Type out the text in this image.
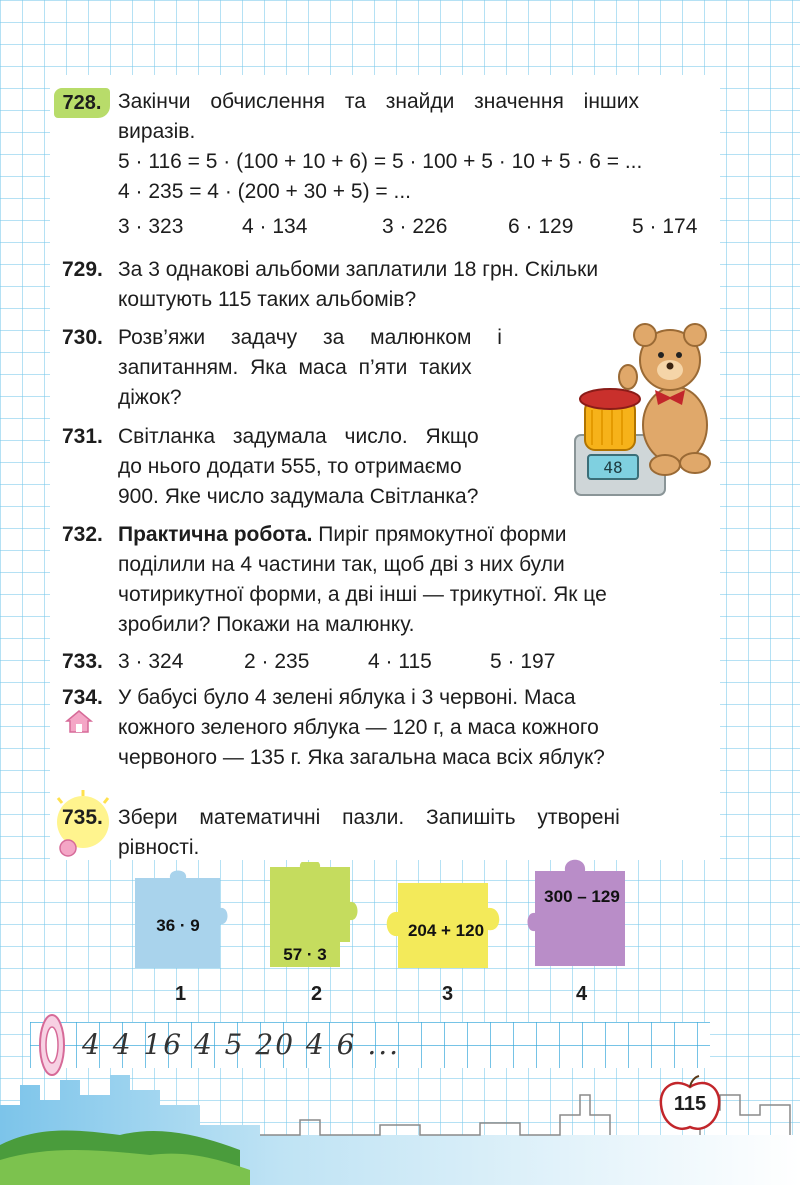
728. Закінчи обчислення та знайди значення інших
виразів.
5 · 116 = 5 · (100 + 10 + 6) = 5 · 100 + 5 · 10 + 5 · 6 = ...
4 · 235 = 4 · (200 + 30 + 5) = ...
3 · 323	4 · 134	3 · 226	6 · 129	5 · 174
729. За 3 однакові альбоми заплатили 18 грн. Скільки
коштують 115 таких альбомів?
730. Розв’яжи задачу за малюнком і
запитанням. Яка маса п’яти таких
діжок?
731. Світланка задумала число. Якщо
до нього додати 555, то отримаємо
900. Яке число задумала Світланка?
48
732. Практична робота. Пиріг прямокутної форми
поділили на 4 частини так, щоб дві з них були
чотирикутної форми, а дві інші — трикутної. Як це
зробили? Покажи на малюнку.
733. 3 · 324	2 · 235	4 · 115	5 · 197
734. У бабусі було 4 зелені яблука і 3 червоні. Маса
кожного зеленого яблука — 120 г, а маса кожного
червоного — 135 г. Яка загальна маса всіх яблук?
735. Збери математичні пазли. Запишіть утворені
рівності.
36 · 9
57 · 3
204 + 120
300 – 129
1	2	3	4
4 4 16 4 5 20 4 6 ...
115
